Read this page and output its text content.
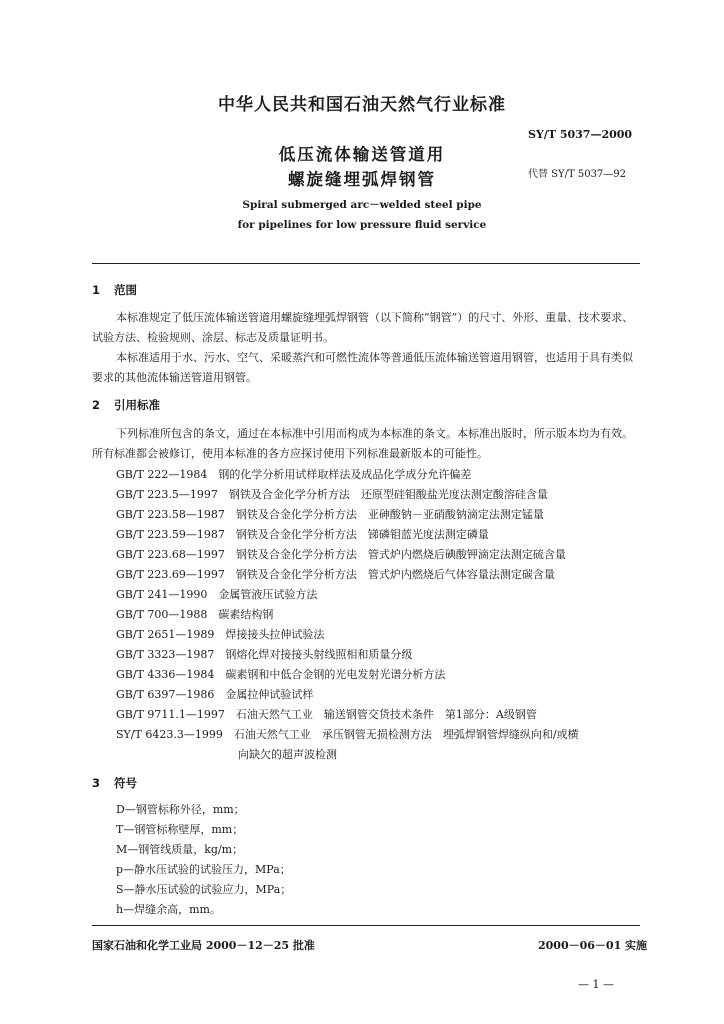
中华人民共和国石油天然气行业标准
SY/T 5037—2000
低压流体输送管道用
螺旋缝埋弧焊钢管	代替 SY/T 5037—92
Spiral submerged arc－welded steel pipe
for pipelines for low pressure fluid service
1 范围
本标准规定了低压流体输送管道用螺旋缝埋弧焊钢管（以下简称“钢管”）的尺寸、外形、重量、技术要求、试验方法、检验规则、涂层、标志及质量证明书。
本标准适用于水、污水、空气、采暖蒸汽和可燃性流体等普通低压流体输送管道用钢管，也适用于具有类似要求的其他流体输送管道用钢管。
2 引用标准
下列标准所包含的条文，通过在本标准中引用而构成为本标准的条文。本标准出版时，所示版本均为有效。所有标准都会被修订，使用本标准的各方应探讨使用下列标准最新版本的可能性。
GB/T 222—1984　钢的化学分析用试样取样法及成品化学成分允许偏差
GB/T 223.5—1997　钢铁及合金化学分析方法　还原型硅钼酸盐光度法测定酸溶硅含量
GB/T 223.58—1987　钢铁及合金化学分析方法　亚砷酸钠－亚硝酸钠滴定法测定锰量
GB/T 223.59—1987　钢铁及合金化学分析方法　锑磷钼蓝光度法测定磷量
GB/T 223.68—1997　钢铁及合金化学分析方法　管式炉内燃烧后碘酸钾滴定法测定硫含量
GB/T 223.69—1997　钢铁及合金化学分析方法　管式炉内燃烧后气体容量法测定碳含量
GB/T 241—1990　金属管液压试验方法
GB/T 700—1988　碳素结构钢
GB/T 2651—1989　焊接接头拉伸试验法
GB/T 3323—1987　钢熔化焊对接接头射线照相和质量分级
GB/T 4336—1984　碳素钢和中低合金钢的光电发射光谱分析方法
GB/T 6397—1986　金属拉伸试验试样
GB/T 9711.1—1997　石油天然气工业　输送钢管交货技术条件　第1部分：A级钢管
SY/T 6423.3—1999　石油天然气工业　承压钢管无损检测方法　埋弧焊钢管焊缝纵向和/或横
向缺欠的超声波检测
3 符号
D—钢管标称外径，mm；
T—钢管标称壁厚，mm；
M—钢管线质量，kg/m；
p—静水压试验的试验压力，MPa；
S—静水压试验的试验应力，MPa；
h—焊缝余高，mm。
国家石油和化学工业局 2000－12－25 批准	2000－06－01 实施
— 1 —
